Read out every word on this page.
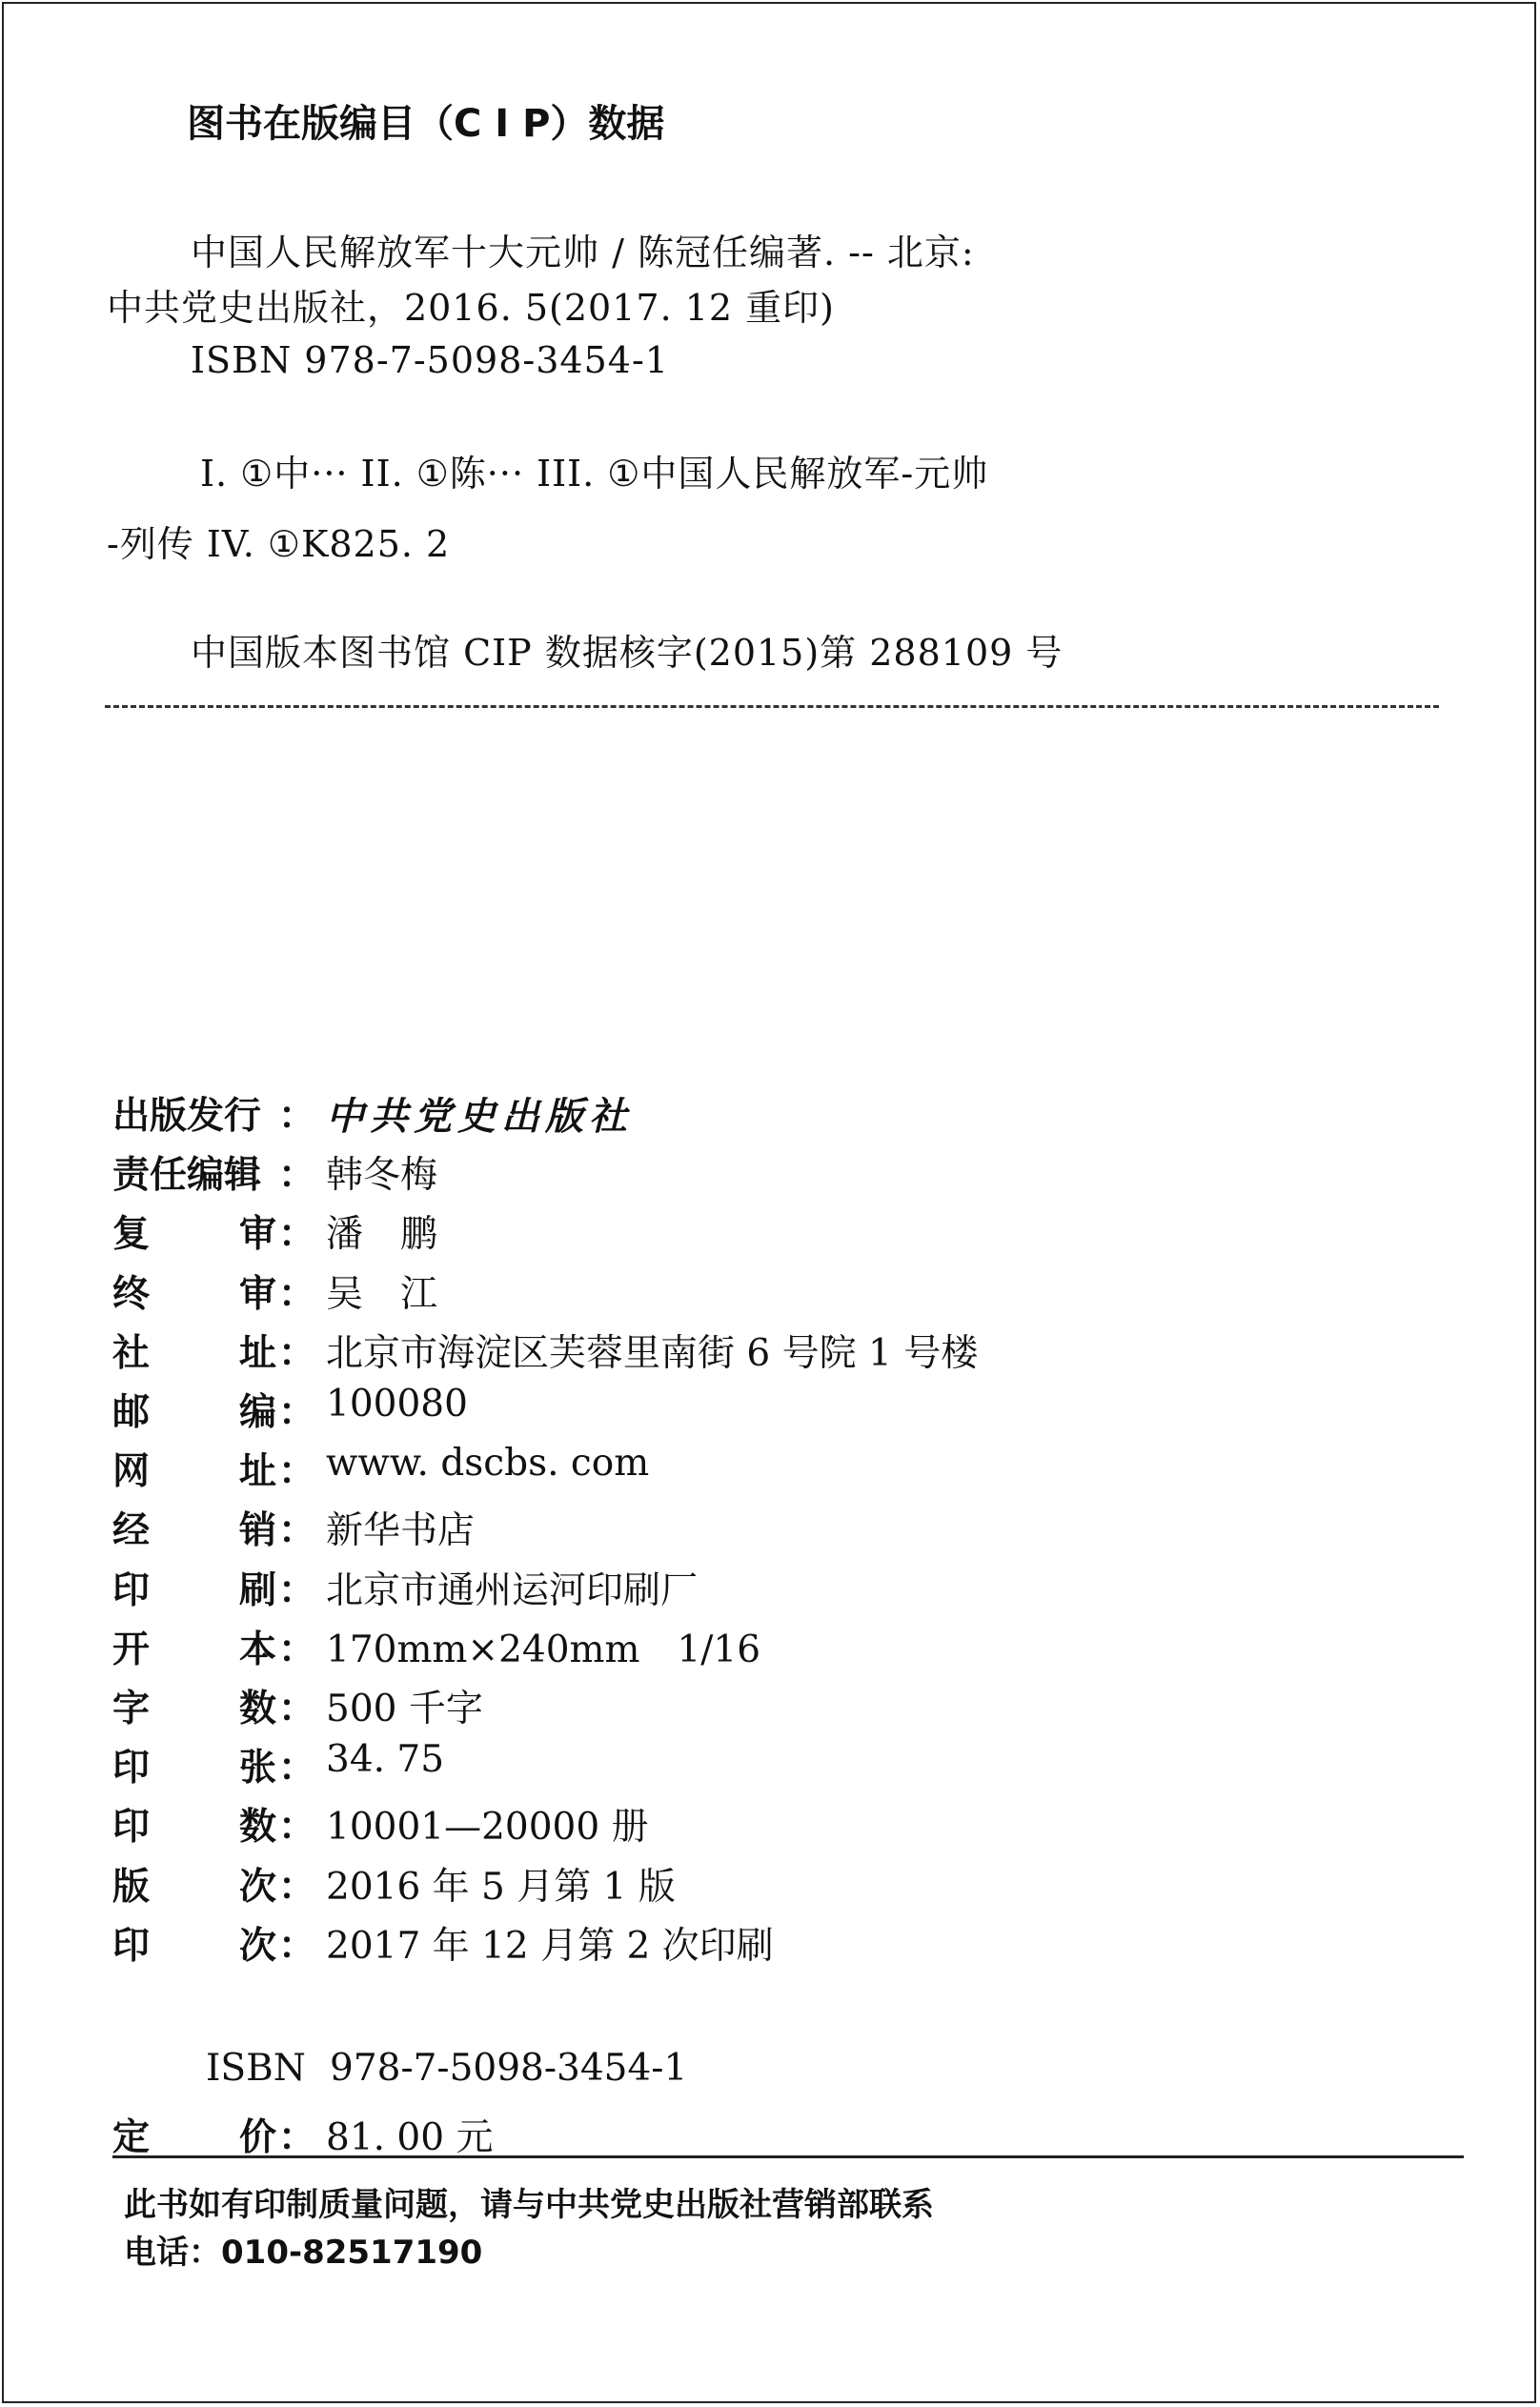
图书在版编目（C I P）数据
中国人民解放军十大元帅 / 陈冠任编著. -- 北京:
中共党史出版社，2016. 5(2017. 12 重印)
ISBN 978-7-5098-3454-1
I. ①中··· II. ①陈··· III. ①中国人民解放军-元帅
-列传 IV. ①K825. 2
中国版本图书馆 CIP 数据核字(2015)第 288109 号
出版发行 ： 中共党史出版社
责任编辑 ： 韩冬梅
复 审 ： 潘　鹏
终 审 ： 吴　江
社 址 ： 北京市海淀区芙蓉里南街 6 号院 1 号楼
邮 编 ： 100080
网 址 ： www. dscbs. com
经 销 ： 新华书店
印 刷 ： 北京市通州运河印刷厂
开 本 ： 170mm×240mm　1/16
字 数 ： 500 千字
印 张 ： 34. 75
印 数 ： 10001—20000 册
版 次 ： 2016 年 5 月第 1 版
印 次 ： 2017 年 12 月第 2 次印刷
ISBN 978-7-5098-3454-1
定 价 ： 81. 00 元
此书如有印制质量问题，请与中共党史出版社营销部联系
电话：010-82517190
